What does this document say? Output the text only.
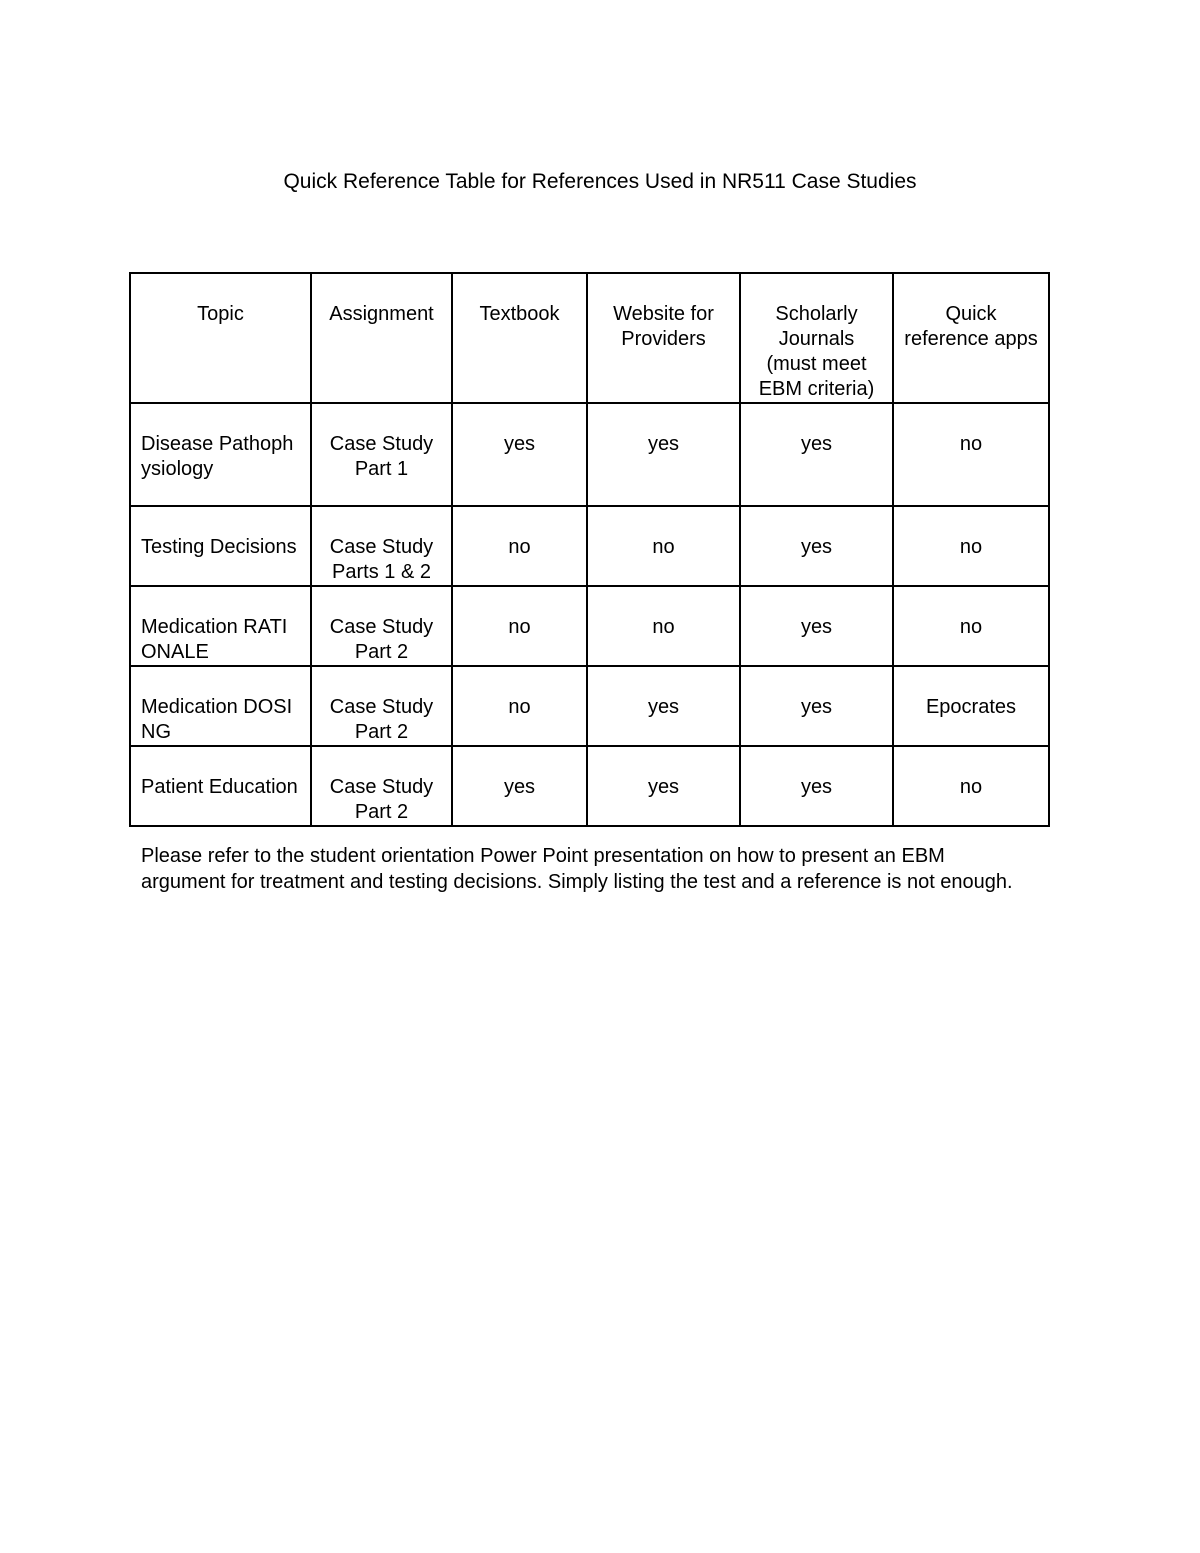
Quick Reference Table for References Used in NR511 Case Studies
Topic	Assignment	Textbook	Website for Providers	Scholarly Journals (must meet EBM criteria)	Quick reference apps
Disease Pathophysiology	Case Study Part 1	yes	yes	yes	no
Testing Decisions	Case Study Parts 1 & 2	no	no	yes	no
Medication RATIONALE	Case Study Part 2	no	no	yes	no
Medication DOSING	Case Study Part 2	no	yes	yes	Epocrates
Patient Education	Case Study Part 2	yes	yes	yes	no
Please refer to the student orientation Power Point presentation on how to present an EBM argument for treatment and testing decisions. Simply listing the test and a reference is not enough.
